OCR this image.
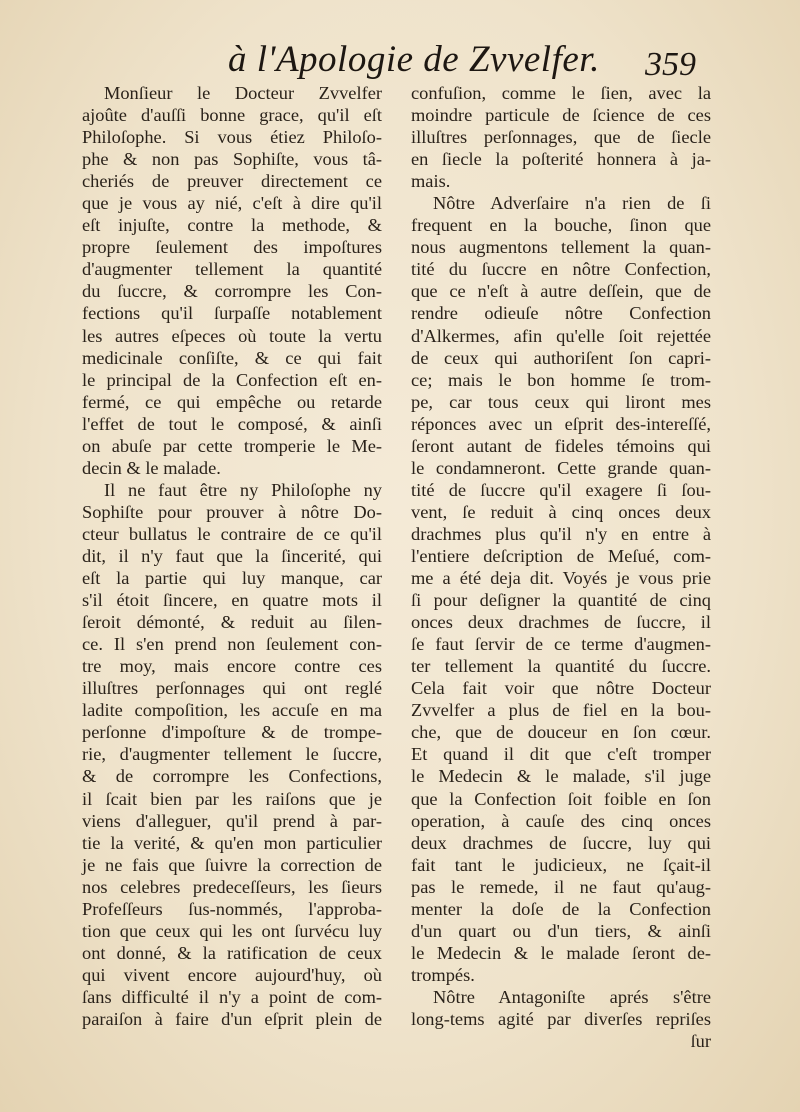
à l'Apologie de Zvvelfer. 359
Monſieur le Docteur Zvvelfer
ajoûte d'auſſi bonne grace, qu'il eſt
Philoſophe. Si vous étiez Philoſo-
phe & non pas Sophiſte, vous tâ-
cheriés de preuver directement ce
que je vous ay nié, c'eſt à dire qu'il
eſt injuſte, contre la methode, &
propre ſeulement des impoſtures
d'augmenter tellement la quantité
du ſuccre, & corrompre les Con-
fections qu'il ſurpaſſe notablement
les autres eſpeces où toute la vertu
medicinale conſiſte, & ce qui fait
le principal de la Confection eſt en-
fermé, ce qui empêche ou retarde
l'effet de tout le composé, & ainſi
on abuſe par cette tromperie le Me-
decin & le malade.
Il ne faut être ny Philoſophe ny
Sophiſte pour prouver à nôtre Do-
cteur bullatus le contraire de ce qu'il
dit, il n'y faut que la ſincerité, qui
eſt la partie qui luy manque, car
s'il étoit ſincere, en quatre mots il
ſeroit démonté, & reduit au ſilen-
ce. Il s'en prend non ſeulement con-
tre moy, mais encore contre ces
illuſtres perſonnages qui ont reglé
ladite compoſition, les accuſe en ma
perſonne d'impoſture & de trompe-
rie, d'augmenter tellement le ſuccre,
& de corrompre les Confections,
il ſcait bien par les raiſons que je
viens d'alleguer, qu'il prend à par-
tie la verité, & qu'en mon particulier
je ne fais que ſuivre la correction de
nos celebres predeceſſeurs, les ſieurs
Profeſſeurs ſus-nommés, l'approba-
tion que ceux qui les ont ſurvécu luy
ont donné, & la ratification de ceux
qui vivent encore aujourd'huy, où
ſans difficulté il n'y a point de com-
paraiſon à faire d'un eſprit plein de
confuſion, comme le ſien, avec la
moindre particule de ſcience de ces
illuſtres perſonnages, que de ſiecle
en ſiecle la poſterité honnera à ja-
mais.
Nôtre Adverſaire n'a rien de ſi
frequent en la bouche, ſinon que
nous augmentons tellement la quan-
tité du ſuccre en nôtre Confection,
que ce n'eſt à autre deſſein, que de
rendre odieuſe nôtre Confection
d'Alkermes, afin qu'elle ſoit rejettée
de ceux qui authoriſent ſon capri-
ce; mais le bon homme ſe trom-
pe, car tous ceux qui liront mes
réponces avec un eſprit des-intereſſé,
ſeront autant de fideles témoins qui
le condamneront. Cette grande quan-
tité de ſuccre qu'il exagere ſi ſou-
vent, ſe reduit à cinq onces deux
drachmes plus qu'il n'y en entre à
l'entiere deſcription de Meſué, com-
me a été deja dit. Voyés je vous prie
ſi pour deſigner la quantité de cinq
onces deux drachmes de ſuccre, il
ſe faut ſervir de ce terme d'augmen-
ter tellement la quantité du ſuccre.
Cela fait voir que nôtre Docteur
Zvvelfer a plus de fiel en la bou-
che, que de douceur en ſon cœur.
Et quand il dit que c'eſt tromper
le Medecin & le malade, s'il juge
que la Confection ſoit foible en ſon
operation, à cauſe des cinq onces
deux drachmes de ſuccre, luy qui
fait tant le judicieux, ne ſçait-il
pas le remede, il ne faut qu'aug-
menter la doſe de la Confection
d'un quart ou d'un tiers, & ainſi
le Medecin & le malade ſeront de-
trompés.
Nôtre Antagoniſte aprés s'être
long-tems agité par diverſes repriſes
ſur
